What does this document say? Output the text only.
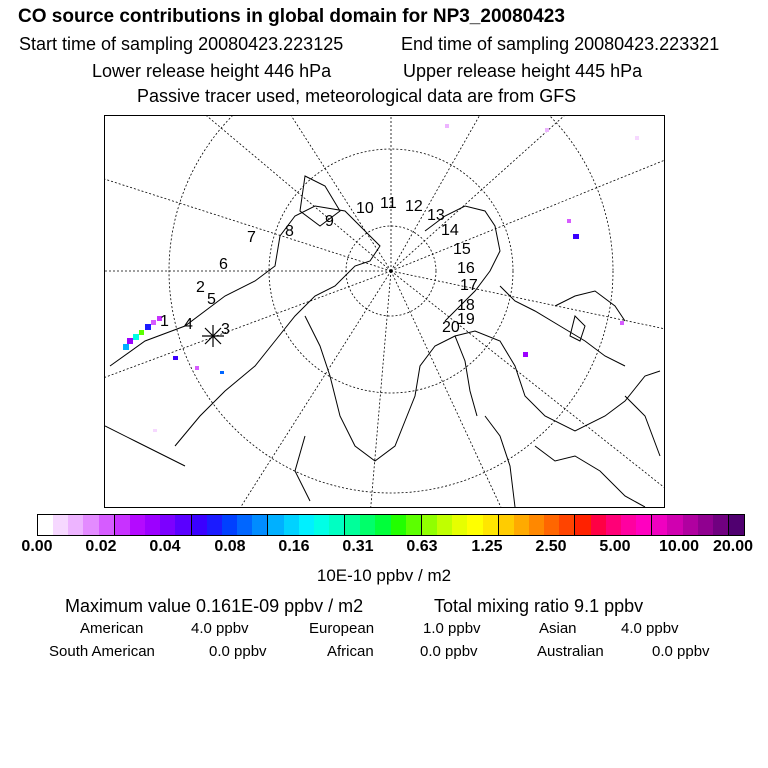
CO source contributions in global domain for NP3_20080423
Start time of sampling 20080423.223125	End time of sampling 20080423.223321
Lower release height 446 hPa	Upper release height 445 hPa
Passive tracer used, meteorological data are from GFS
1
2
3
4
5
6
7 8
9
10 11 12
13
14
15
16
17
18
19
20
0.00 0.02 0.04 0.08 0.16 0.31 0.63 1.25 2.50 5.00 10.00 20.00
10E-10 ppbv / m2
Maximum value 0.161E-09 ppbv / m2	Total mixing ratio 9.1 ppbv
American	4.0 ppbv	European	1.0 ppbv	Asian	4.0 ppbv
South American	0.0 ppbv	African	0.0 ppbv	Australian	0.0 ppbv
